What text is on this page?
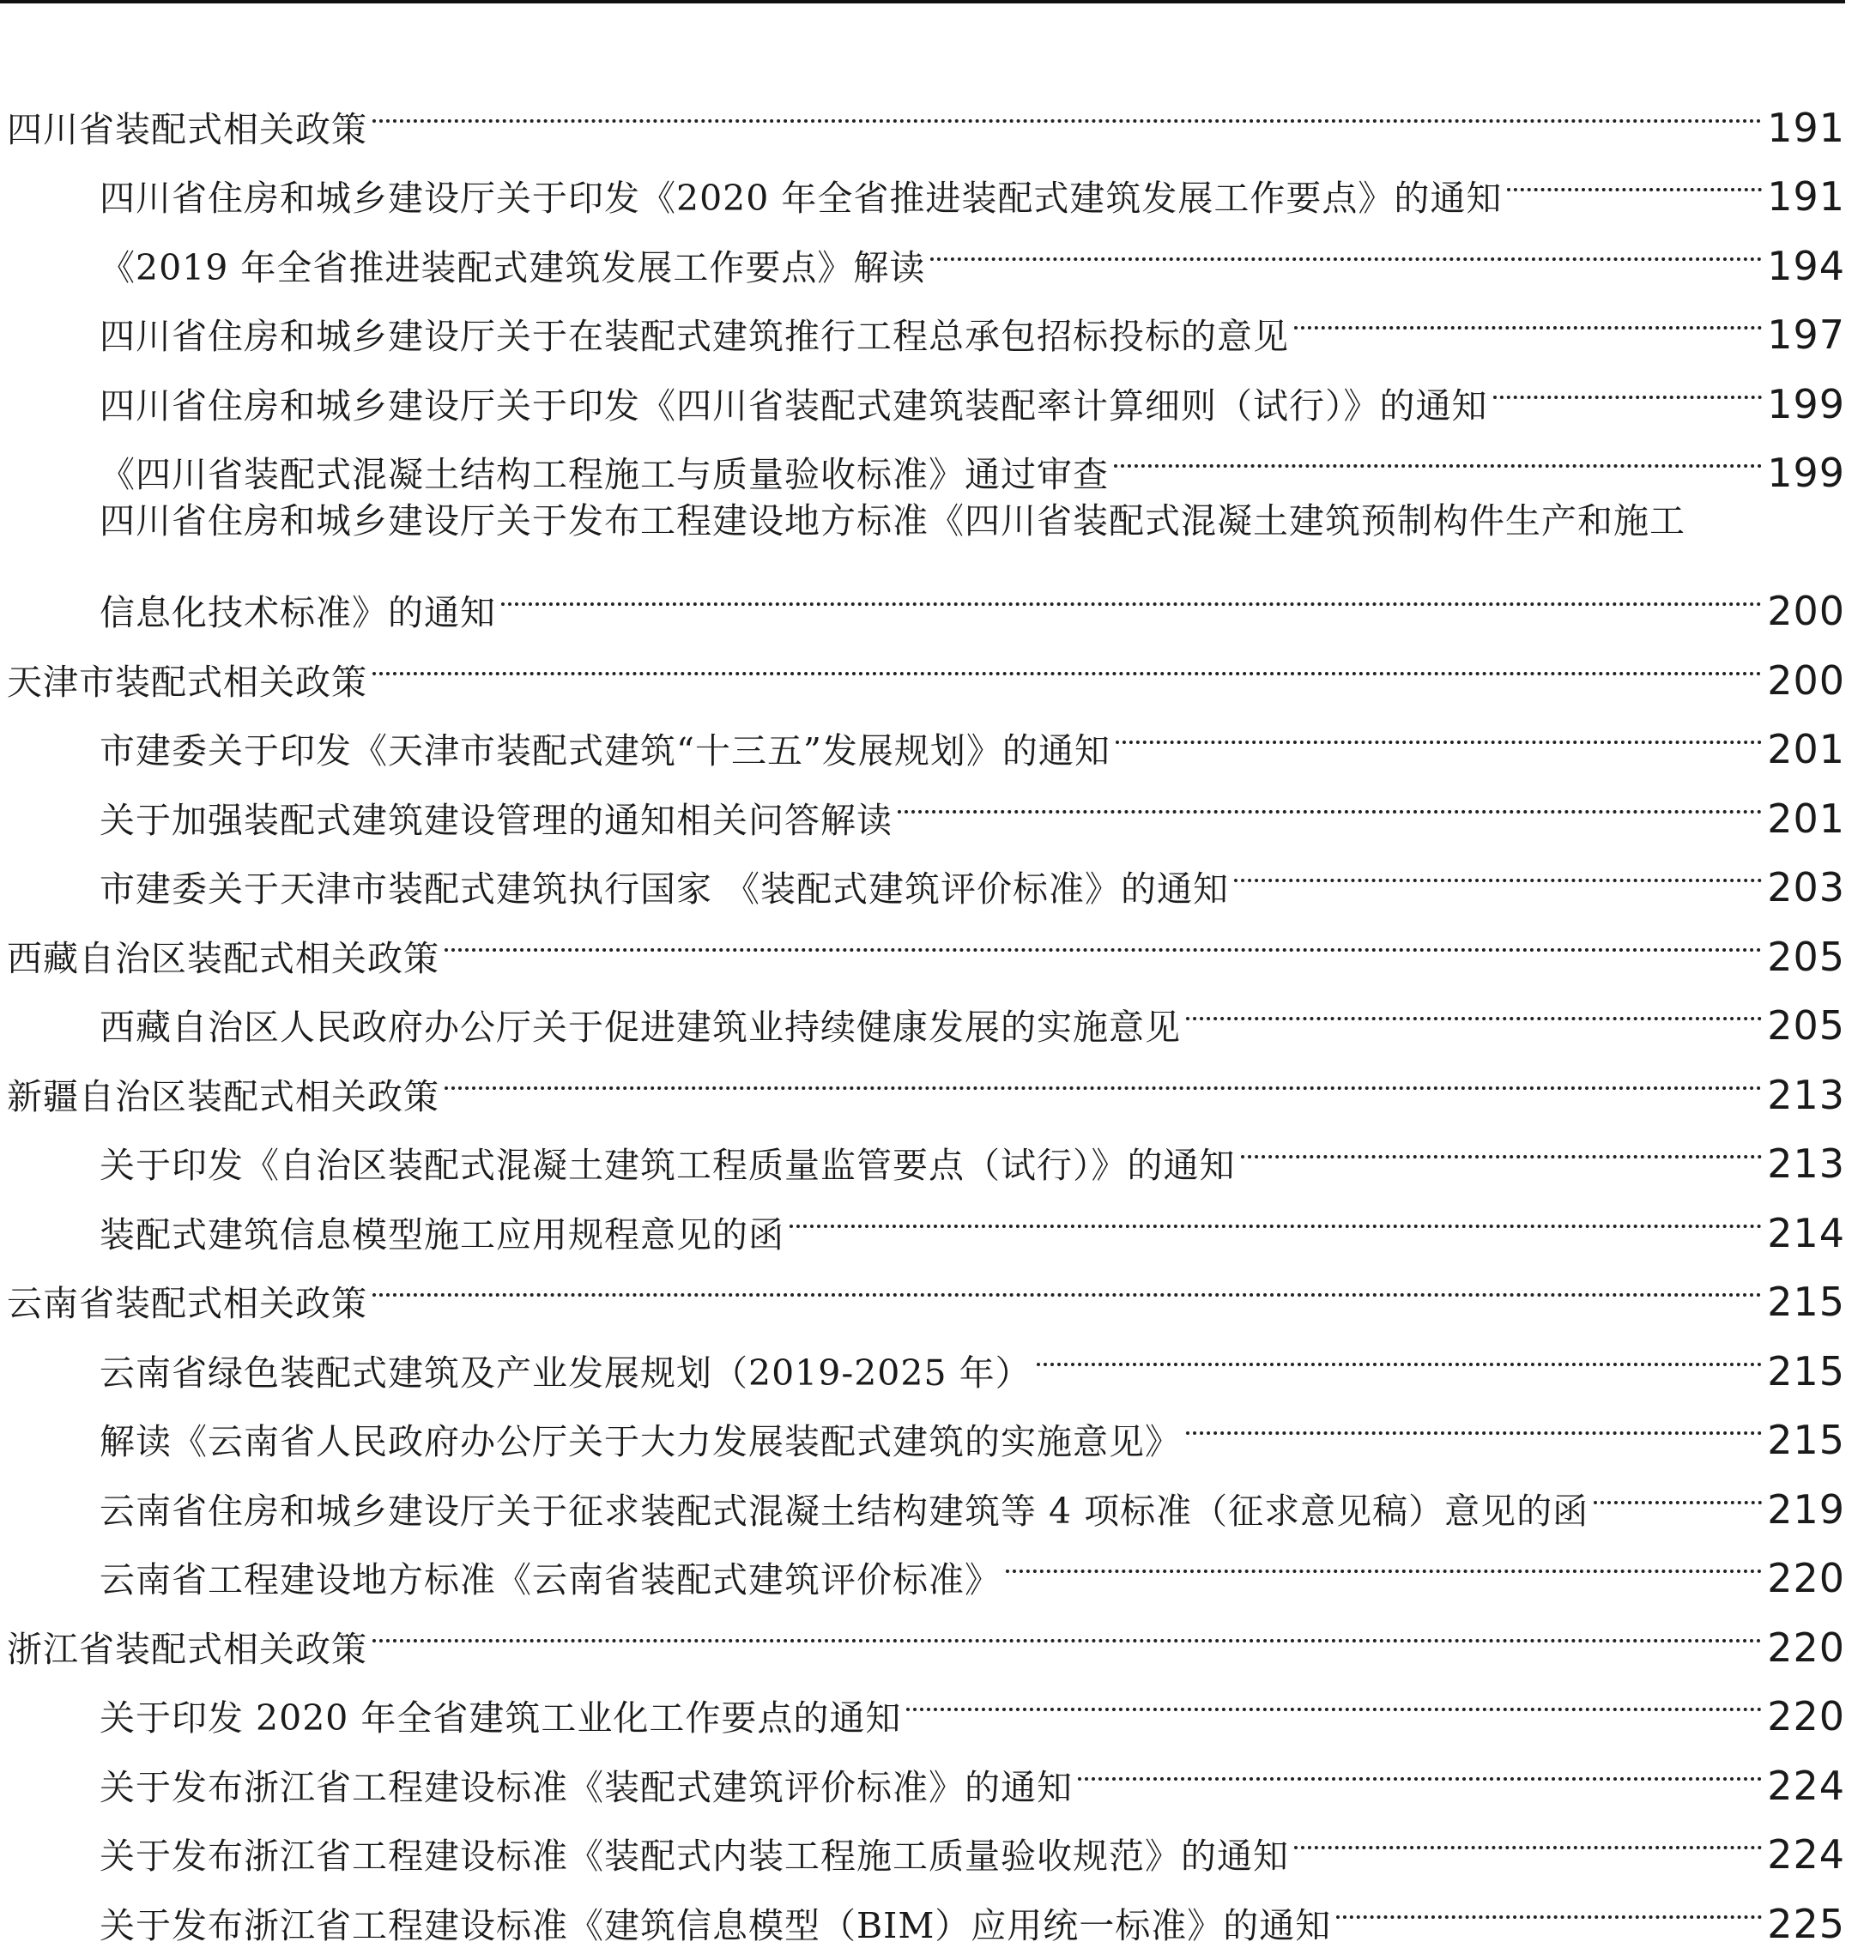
四川省装配式相关政策	191
四川省住房和城乡建设厅关于印发《2020 年全省推进装配式建筑发展工作要点》的通知	191
《2019 年全省推进装配式建筑发展工作要点》解读	194
四川省住房和城乡建设厅关于在装配式建筑推行工程总承包招标投标的意见	197
四川省住房和城乡建设厅关于印发《四川省装配式建筑装配率计算细则（试行）》的通知	199
《四川省装配式混凝土结构工程施工与质量验收标准》通过审查	199
四川省住房和城乡建设厅关于发布工程建设地方标准《四川省装配式混凝土建筑预制构件生产和施工
信息化技术标准》的通知	200
天津市装配式相关政策	200
市建委关于印发《天津市装配式建筑“十三五”发展规划》的通知	201
关于加强装配式建筑建设管理的通知相关问答解读	201
市建委关于天津市装配式建筑执行国家 《装配式建筑评价标准》的通知	203
西藏自治区装配式相关政策	205
西藏自治区人民政府办公厅关于促进建筑业持续健康发展的实施意见	205
新疆自治区装配式相关政策	213
关于印发《自治区装配式混凝土建筑工程质量监管要点（试行）》的通知	213
装配式建筑信息模型施工应用规程意见的函	214
云南省装配式相关政策	215
云南省绿色装配式建筑及产业发展规划（2019-2025 年）	215
解读《云南省人民政府办公厅关于大力发展装配式建筑的实施意见》	215
云南省住房和城乡建设厅关于征求装配式混凝土结构建筑等 4 项标准（征求意见稿）意见的函	219
云南省工程建设地方标准《云南省装配式建筑评价标准》	220
浙江省装配式相关政策	220
关于印发 2020 年全省建筑工业化工作要点的通知	220
关于发布浙江省工程建设标准《装配式建筑评价标准》的通知	224
关于发布浙江省工程建设标准《装配式内装工程施工质量验收规范》的通知	224
关于发布浙江省工程建设标准《建筑信息模型（BIM）应用统一标准》的通知	225
